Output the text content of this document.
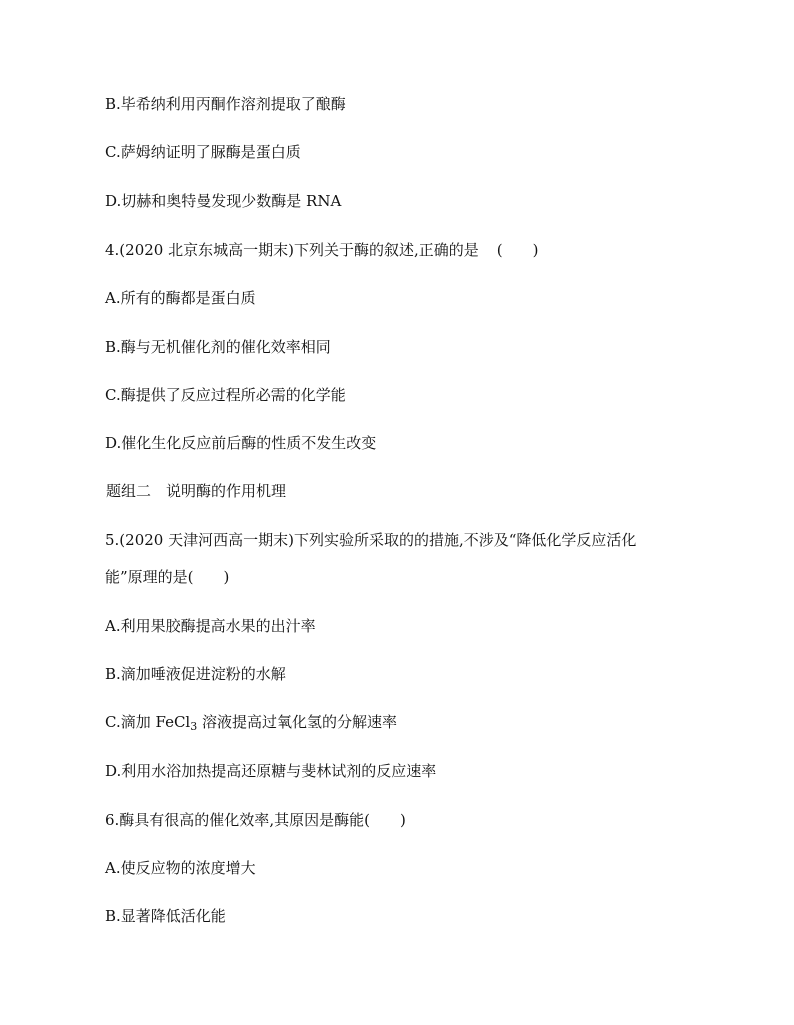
B.毕希纳利用丙酮作溶剂提取了酿酶
C.萨姆纳证明了脲酶是蛋白质
D.切赫和奥特曼发现少数酶是 RNA
4.(2020 北京东城高一期末)下列关于酶的叙述,正确的是 ( )
A.所有的酶都是蛋白质
B.酶与无机催化剂的催化效率相同
C.酶提供了反应过程所必需的化学能
D.催化生化反应前后酶的性质不发生改变
题组二　说明酶的作用机理
5.(2020 天津河西高一期末)下列实验所采取的的措施,不涉及“降低化学反应活化
能”原理的是( )
A.利用果胶酶提高水果的出汁率
B.滴加唾液促进淀粉的水解
C.滴加 FeCl$_3$ 溶液提高过氧化氢的分解速率
D.利用水浴加热提高还原糖与斐林试剂的反应速率
6.酶具有很高的催化效率,其原因是酶能( )
A.使反应物的浓度增大
B.显著降低活化能
